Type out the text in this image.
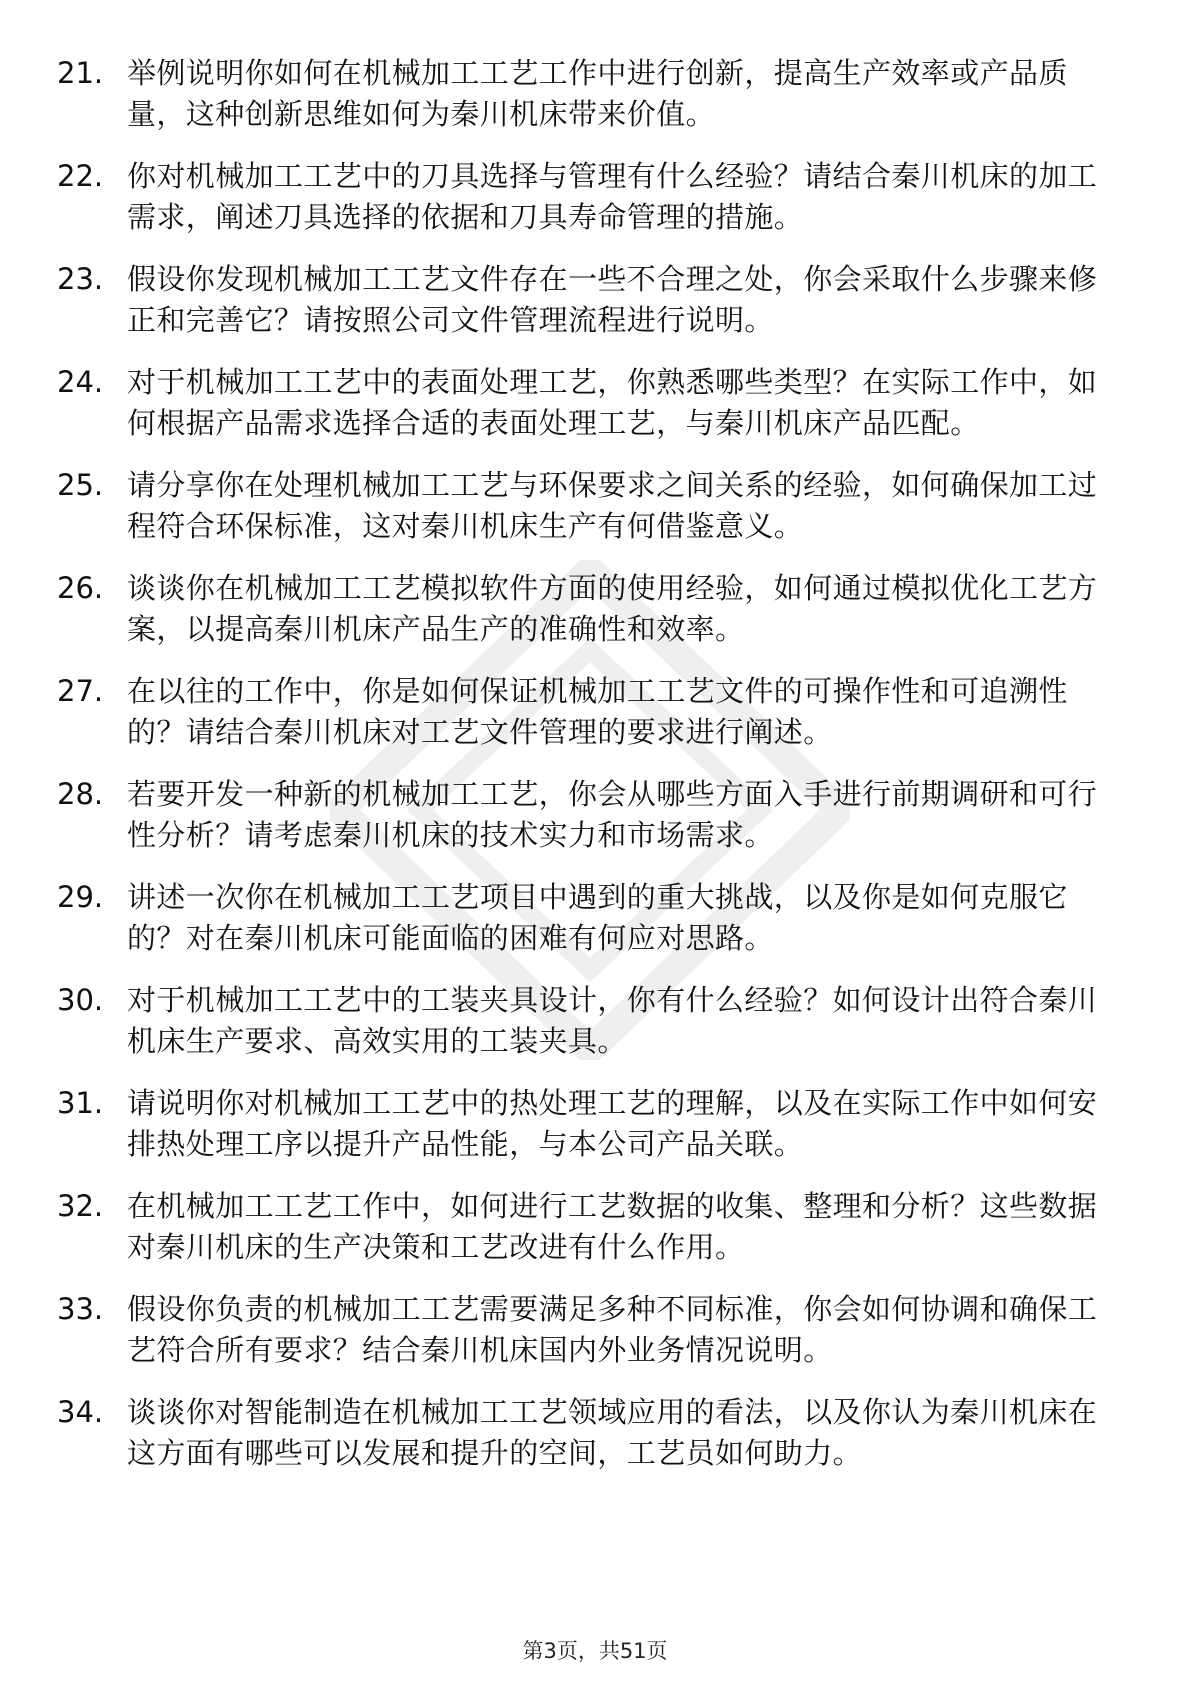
21. 举例说明你如何在机械加工工艺工作中进行创新，提高生产效率或产品质量，这种创新思维如何为秦川机床带来价值。
22. 你对机械加工工艺中的刀具选择与管理有什么经验？请结合秦川机床的加工需求，阐述刀具选择的依据和刀具寿命管理的措施。
23. 假设你发现机械加工工艺文件存在一些不合理之处，你会采取什么步骤来修正和完善它？请按照公司文件管理流程进行说明。
24. 对于机械加工工艺中的表面处理工艺，你熟悉哪些类型？在实际工作中，如何根据产品需求选择合适的表面处理工艺，与秦川机床产品匹配。
25. 请分享你在处理机械加工工艺与环保要求之间关系的经验，如何确保加工过程符合环保标准，这对秦川机床生产有何借鉴意义。
26. 谈谈你在机械加工工艺模拟软件方面的使用经验，如何通过模拟优化工艺方案，以提高秦川机床产品生产的准确性和效率。
27. 在以往的工作中，你是如何保证机械加工工艺文件的可操作性和可追溯性的？请结合秦川机床对工艺文件管理的要求进行阐述。
28. 若要开发一种新的机械加工工艺，你会从哪些方面入手进行前期调研和可行性分析？请考虑秦川机床的技术实力和市场需求。
29. 讲述一次你在机械加工工艺项目中遇到的重大挑战，以及你是如何克服它的？对在秦川机床可能面临的困难有何应对思路。
30. 对于机械加工工艺中的工装夹具设计，你有什么经验？如何设计出符合秦川机床生产要求、高效实用的工装夹具。
31. 请说明你对机械加工工艺中的热处理工艺的理解，以及在实际工作中如何安排热处理工序以提升产品性能，与本公司产品关联。
32. 在机械加工工艺工作中，如何进行工艺数据的收集、整理和分析？这些数据对秦川机床的生产决策和工艺改进有什么作用。
33. 假设你负责的机械加工工艺需要满足多种不同标准，你会如何协调和确保工艺符合所有要求？结合秦川机床国内外业务情况说明。
34. 谈谈你对智能制造在机械加工工艺领域应用的看法，以及你认为秦川机床在这方面有哪些可以发展和提升的空间，工艺员如何助力。
第3页，共51页
